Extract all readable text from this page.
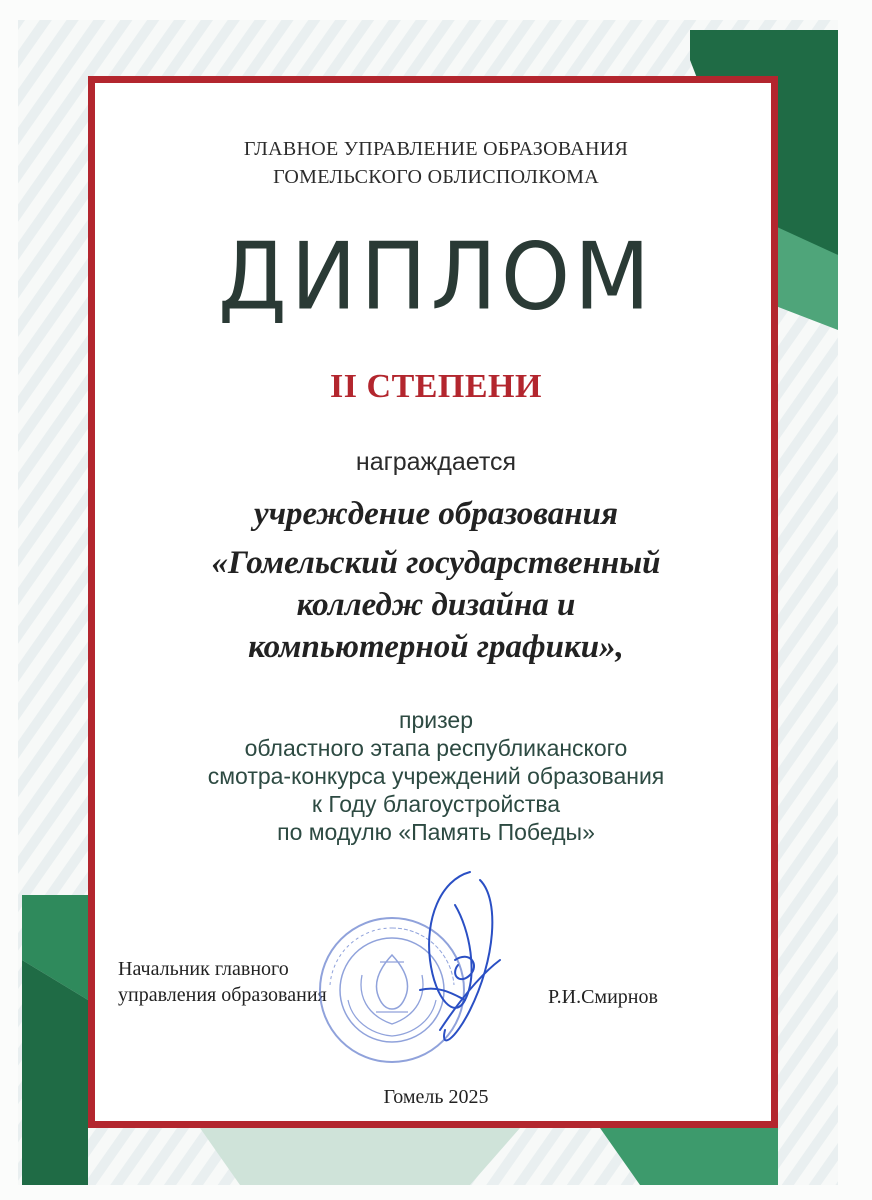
ГЛАВНОЕ УПРАВЛЕНИЕ ОБРАЗОВАНИЯ
ГОМЕЛЬСКОГО ОБЛИСПОЛКОМА
ДИПЛОМ
II СТЕПЕНИ
награждается
учреждение образования
«Гомельский государственный
колледж дизайна и
компьютерной графики»,
призер
областного этапа республиканского
смотра-конкурса учреждений образования
к Году благоустройства
по модулю «Память Победы»
Начальник главного
управления образования	Р.И.Смирнов
Гомель 2025
